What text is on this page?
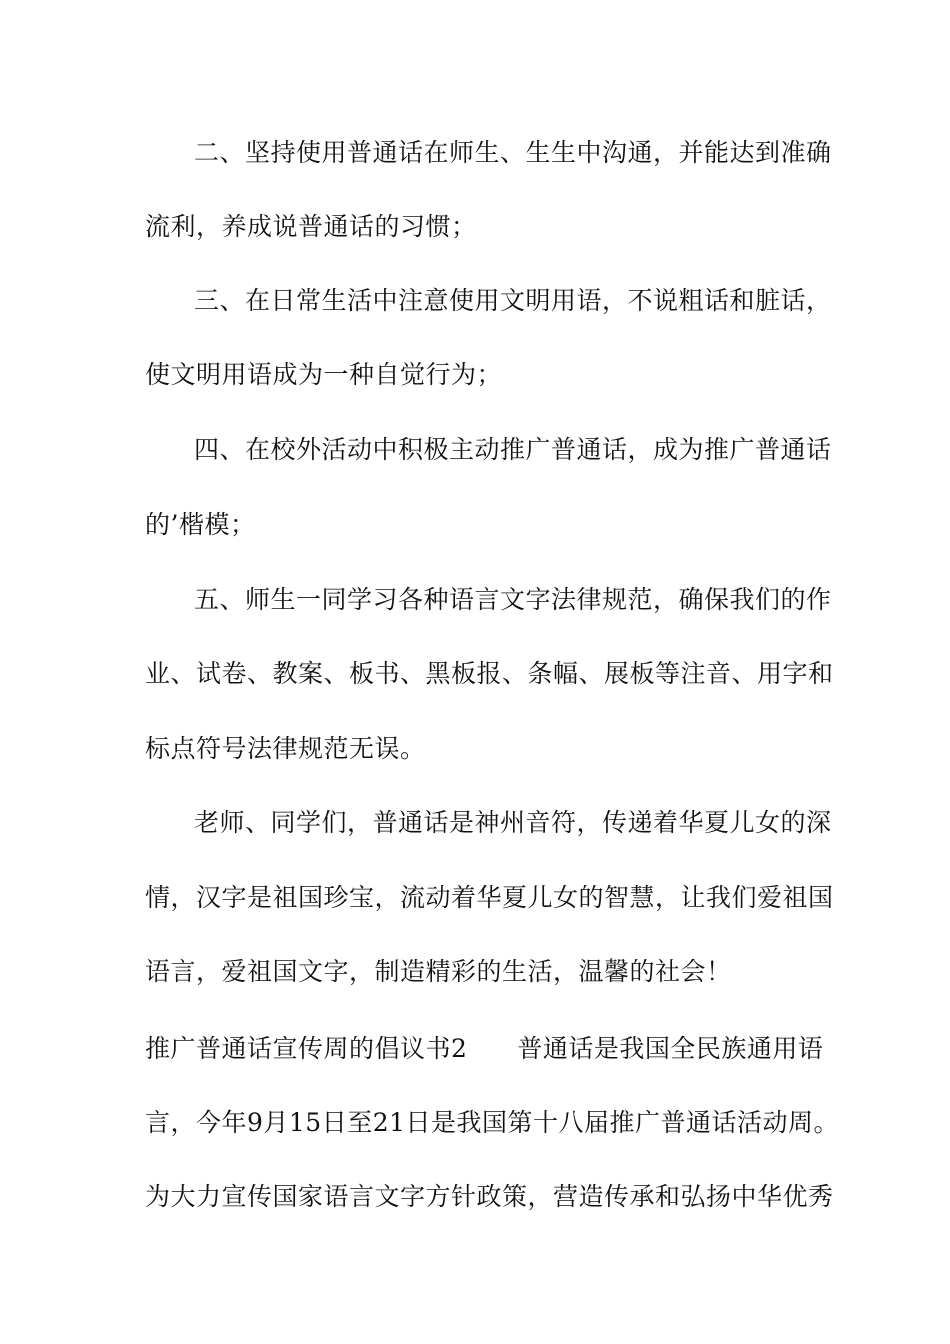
二、坚持使用普通话在师生、生生中沟通，并能达到准确
流利，养成说普通话的习惯；
三、在日常生活中注意使用文明用语，不说粗话和脏话，
使文明用语成为一种自觉行为；
四、在校外活动中积极主动推广普通话，成为推广普通话
的’楷模；
五、师生一同学习各种语言文字法律规范，确保我们的作
业、试卷、教案、板书、黑板报、条幅、展板等注音、用字和
标点符号法律规范无误。
老师、同学们，普通话是神州音符，传递着华夏儿女的深
情，汉字是祖国珍宝，流动着华夏儿女的智慧，让我们爱祖国
语言，爱祖国文字，制造精彩的生活，温馨的社会！
推广普通话宣传周的倡议书2 普通话是我国全民族通用语
言，今年9月15日至21日是我国第十八届推广普通话活动周。
为大力宣传国家语言文字方针政策，营造传承和弘扬中华优秀
